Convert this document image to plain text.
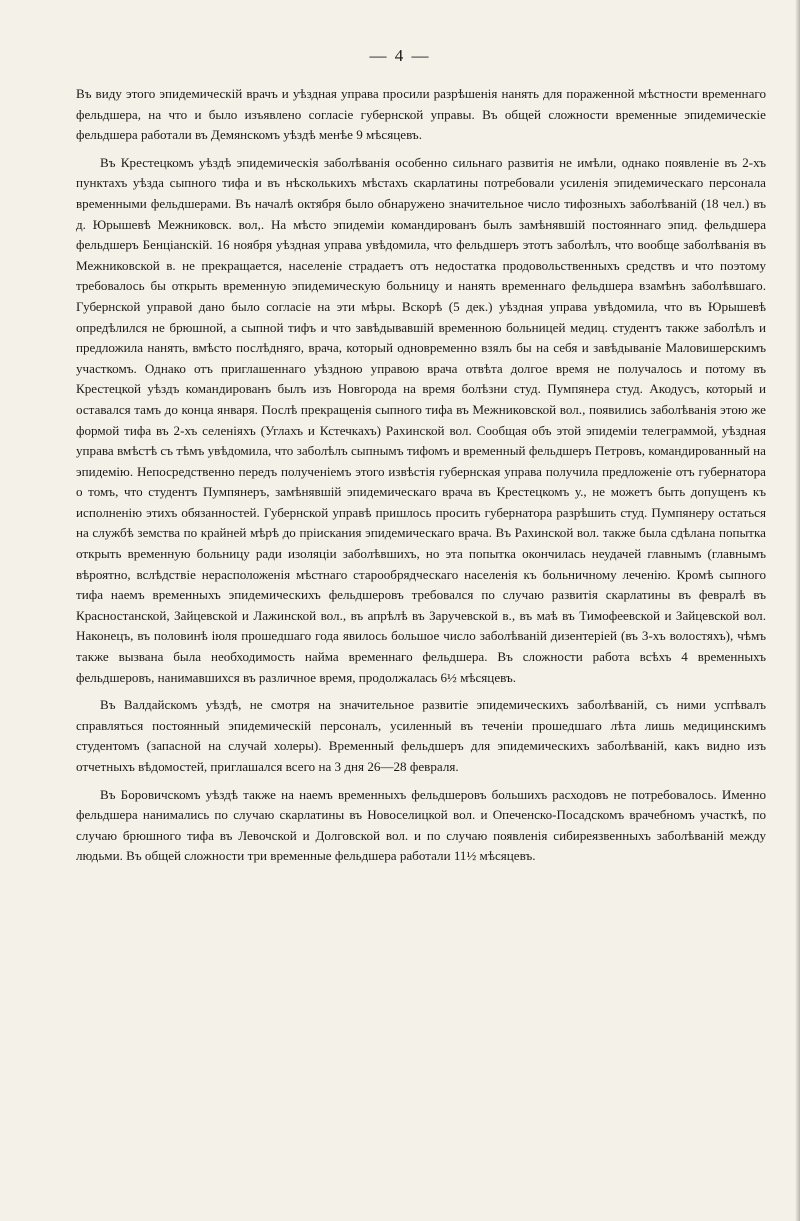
— 4 —

Въ виду этого эпидемическій врачъ и уѣздная управа просили разрѣшенія нанять для пораженной мѣстности временнаго фельдшера, на что и было изъявлено согласіе губернской управы. Въ общей сложности временные эпидемическіе фельдшера работали въ Демянскомъ уѣздѣ менѣе 9 мѣсяцевъ.

Въ Крестецкомъ уѣздѣ эпидемическія заболѣванія особенно сильнаго развитія не имѣли, однако появленіе въ 2-хъ пунктахъ уѣзда сыпного тифа и въ нѣсколькихъ мѣстахъ скарлатины потребовали усиленія эпидемическаго персонала временными фельдшерами. Въ началѣ октября было обнаружено значительное число тифозныхъ заболѣваній (18 чел.) въ д. Юрышевѣ Межниковск. вол,. На мѣсто эпидеміи командированъ былъ замѣнявшій постояннаго эпид. фельдшера фельдшеръ Бенціанскій. 16 ноября уѣздная управа увѣдомила, что фельдшеръ этотъ заболѣлъ, что вообще заболѣванія въ Межниковской в. не прекращается, населеніе страдаетъ отъ недостатка продовольственныхъ средствъ и что поэтому требовалось бы открыть временную эпидемическую больницу и нанять временнаго фельдшера взамѣнъ заболѣвшаго. Губернской управой дано было согласіе на эти мѣры. Вскорѣ (5 дек.) уѣздная управа увѣдомила, что въ Юрышевѣ опредѣлился не брюшной, а сыпной тифъ и что завѣдывавшій временною больницей медиц. студентъ также заболѣлъ и предложила нанять, вмѣсто послѣдняго, врача, который одновременно взялъ бы на себя и завѣдываніе Маловишерскимъ участкомъ. Однако отъ приглашеннаго уѣздною управою врача отвѣта долгое время не получалось и потому въ Крестецкой уѣздъ командированъ былъ изъ Новгорода на время болѣзни студ. Пумпянера студ. Акодусъ, который и оставался тамъ до конца января. Послѣ прекращенія сыпного тифа въ Межниковской вол., появились заболѣванія этою же формой тифа въ 2-хъ селеніяхъ (Углахъ и Кстечкахъ) Рахинской вол. Сообщая объ этой эпидеміи телеграммой, уѣздная управа вмѣстѣ съ тѣмъ увѣдомила, что заболѣлъ сыпнымъ тифомъ и временный фельдшеръ Петровъ, командированный на эпидемію. Непосредственно передъ полученіемъ этого извѣстія губернская управа получила предложеніе отъ губернатора о томъ, что студентъ Пумпянеръ, замѣнявшій эпидемическаго врача въ Крестецкомъ у., не можетъ быть допущенъ къ исполненію этихъ обязанностей. Губернской управѣ пришлось просить губернатора разрѣшить студ. Пумпянеру остаться на службѣ земства по крайней мѣрѣ до пріискания эпидемическаго врача. Въ Рахинской вол. также была сдѣлана попытка открыть временную больницу ради изоляціи заболѣвшихъ, но эта попытка окончилась неудачей главнымъ (главнымъ вѣроятно, вслѣдствіе нерасположенія мѣстнаго старообрядческаго населенія къ больничному леченію. Кромѣ сыпного тифа наемъ временныхъ эпидемическихъ фельдшеровъ требовался по случаю развитія скарлатины въ февралѣ въ Красностанской, Зайцевской и Лажинской вол., въ апрѣлѣ въ Заручевской в., въ маѣ въ Тимофеевской и Зайцевской вол. Наконецъ, въ половинѣ іюля прошедшаго года явилось большое число заболѣваній дизентеріей (въ 3-хъ волостяхъ), чѣмъ также вызвана была необходимость найма временнаго фельдшера. Въ сложности работа всѣхъ 4 временныхъ фельдшеровъ, нанимавшихся въ различное время, продолжалась 6½ мѣсяцевъ.

Въ Валдайскомъ уѣздѣ, не смотря на значительное развитіе эпидемическихъ заболѣваній, съ ними успѣвалъ справляться постоянный эпидемическій персоналъ, усиленный въ теченіи прошедшаго лѣта лишь медицинскимъ студентомъ (запасной на случай холеры). Временный фельдшеръ для эпидемическихъ заболѣваній, какъ видно изъ отчетныхъ вѣдомостей, приглашался всего на 3 дня 26—28 февраля.

Въ Боровичскомъ уѣздѣ также на наемъ временныхъ фельдшеровъ большихъ расходовъ не потребовалось. Именно фельдшера нанимались по случаю скарлатины въ Новоселицкой вол. и Опеченско-Посадскомъ врачебномъ участкѣ, по случаю брюшного тифа въ Левочской и Долговской вол. и по случаю появленія сибиреязвенныхъ заболѣваній между людьми. Въ общей сложности три временные фельдшера работали 11½ мѣсяцевъ.
